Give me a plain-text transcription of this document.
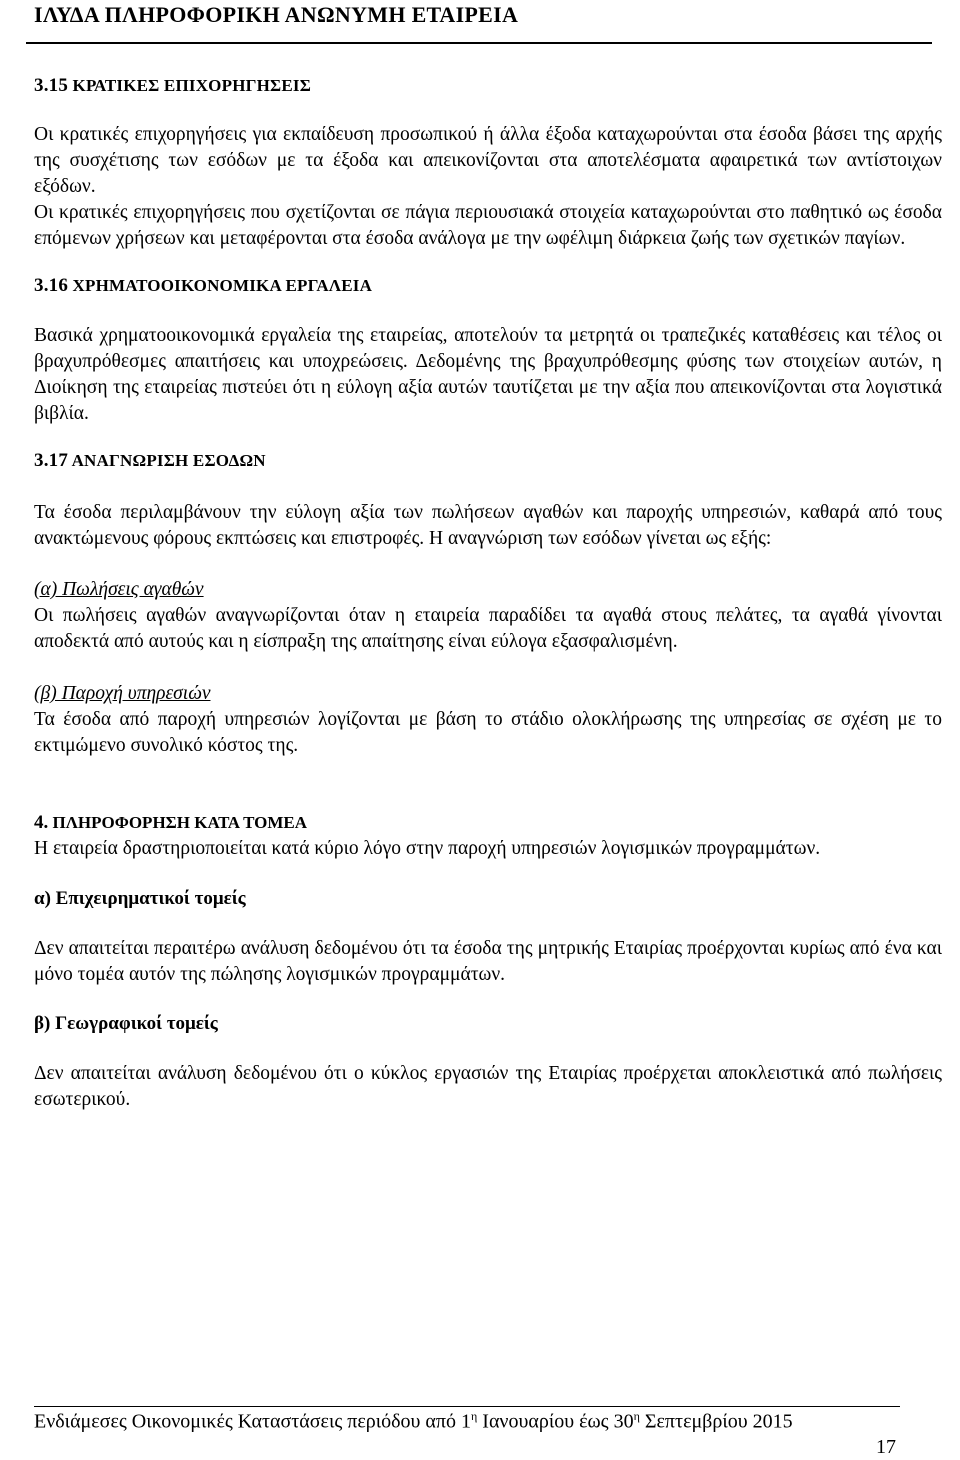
ΙΛΥΔΑ ΠΛΗΡΟΦΟΡΙΚΗ ΑΝΩΝΥΜΗ ΕΤΑΙΡΕΙΑ
3.15 ΚΡΑΤΙΚΕΣ ΕΠΙΧΟΡΗΓΗΣΕΙΣ

Οι κρατικές επιχορηγήσεις για εκπαίδευση προσωπικού ή άλλα έξοδα καταχωρούνται στα έσοδα βάσει της αρχής της συσχέτισης των εσόδων με τα έξοδα και απεικονίζονται στα αποτελέσματα αφαιρετικά των αντίστοιχων εξόδων.

Οι κρατικές επιχορηγήσεις που σχετίζονται σε πάγια περιουσιακά στοιχεία καταχωρούνται στο παθητικό ως έσοδα επόμενων χρήσεων και μεταφέρονται στα έσοδα ανάλογα με την ωφέλιμη διάρκεια ζωής των σχετικών παγίων.

3.16 ΧΡΗΜΑΤΟΟΙΚΟΝΟΜΙΚΑ ΕΡΓΑΛΕΙΑ

Βασικά χρηματοοικονομικά εργαλεία της εταιρείας, αποτελούν τα μετρητά οι τραπεζικές καταθέσεις και τέλος οι βραχυπρόθεσμες απαιτήσεις και υποχρεώσεις. Δεδομένης της βραχυπρόθεσμης φύσης των στοιχείων αυτών, η Διοίκηση της εταιρείας πιστεύει ότι η εύλογη αξία αυτών ταυτίζεται με την αξία που απεικονίζονται στα λογιστικά βιβλία.

3.17 ΑΝΑΓΝΩΡΙΣΗ ΕΣΟΔΩΝ

Τα έσοδα περιλαμβάνουν την εύλογη αξία των πωλήσεων αγαθών και παροχής υπηρεσιών, καθαρά από τους ανακτώμενους φόρους εκπτώσεις και επιστροφές. Η αναγνώριση των εσόδων γίνεται ως εξής:

(α) Πωλήσεις αγαθών

Οι πωλήσεις αγαθών αναγνωρίζονται όταν η εταιρεία παραδίδει τα αγαθά στους πελάτες, τα αγαθά γίνονται αποδεκτά από αυτούς και η είσπραξη της απαίτησης είναι εύλογα εξασφαλισμένη.

(β) Παροχή υπηρεσιών

Τα έσοδα από παροχή υπηρεσιών λογίζονται με βάση το στάδιο ολοκλήρωσης της υπηρεσίας σε σχέση με το εκτιμώμενο συνολικό κόστος της.

4. ΠΛΗΡΟΦΟΡΗΣΗ ΚΑΤΑ ΤΟΜΕΑ

Η εταιρεία δραστηριοποιείται κατά κύριο λόγο στην παροχή υπηρεσιών λογισμικών προγραμμάτων.

α) Επιχειρηματικοί τομείς

Δεν απαιτείται περαιτέρω ανάλυση δεδομένου ότι τα έσοδα της μητρικής Εταιρίας προέρχονται κυρίως από ένα και μόνο τομέα αυτόν της πώλησης λογισμικών προγραμμάτων.

β) Γεωγραφικοί τομείς

Δεν απαιτείται ανάλυση δεδομένου ότι ο κύκλος εργασιών της Εταιρίας προέρχεται αποκλειστικά από πωλήσεις εσωτερικού.

Ενδιάμεσες Οικονομικές Καταστάσεις περιόδου από $1^\eta$ Ιανουαρίου έως $30^\eta$ Σεπτεμβρίου 2015
17
